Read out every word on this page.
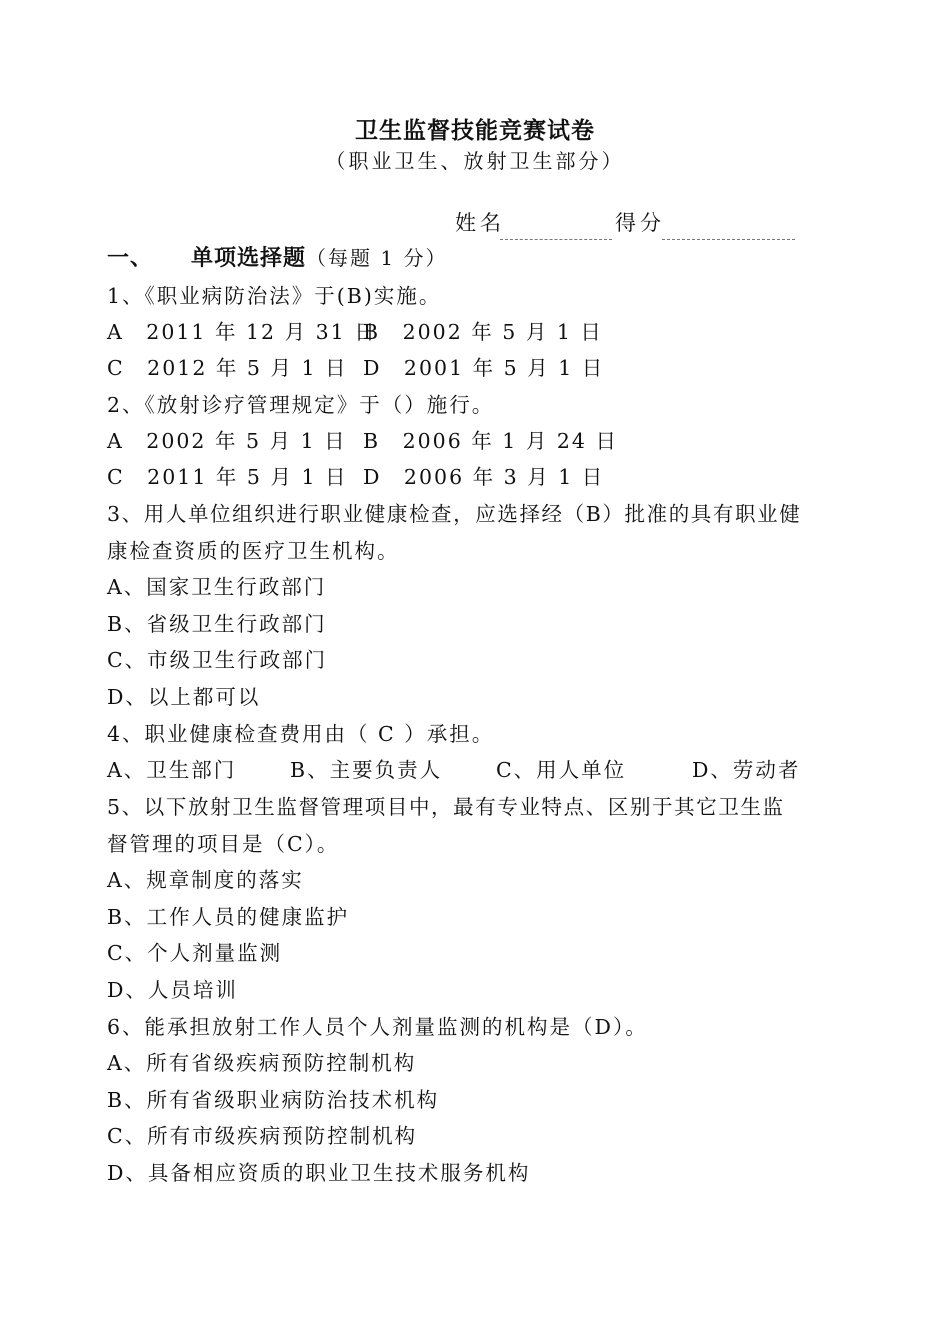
卫生监督技能竞赛试卷
（职业卫生、放射卫生部分）
姓名	得分
一、 单项选择题（每题 1 分）
1、《职业病防治法》于(B)实施。
A　2011 年 12 月 31 日
B　2002 年 5 月 1 日
C　2012 年 5 月 1 日 D　2001 年 5 月 1 日
2、《放射诊疗管理规定》于（）施行。
A　2002 年 5 月 1 日 B　2006 年 1 月 24 日
C　2011 年 5 月 1 日 D　2006 年 3 月 1 日
3、用人单位组织进行职业健康检查，应选择经（B）批准的具有职业健
康检查资质的医疗卫生机构。
A、国家卫生行政部门
B、省级卫生行政部门
C、市级卫生行政部门
D、以上都可以
4、职业健康检查费用由（ C ）承担。
A、卫生部门	B、主要负责人	C、用人单位	D、劳动者
5、以下放射卫生监督管理项目中，最有专业特点、区别于其它卫生监
督管理的项目是（C）。
A、规章制度的落实
B、工作人员的健康监护
C、个人剂量监测
D、人员培训
6、能承担放射工作人员个人剂量监测的机构是（D）。
A、所有省级疾病预防控制机构
B、所有省级职业病防治技术机构
C、所有市级疾病预防控制机构
D、具备相应资质的职业卫生技术服务机构
